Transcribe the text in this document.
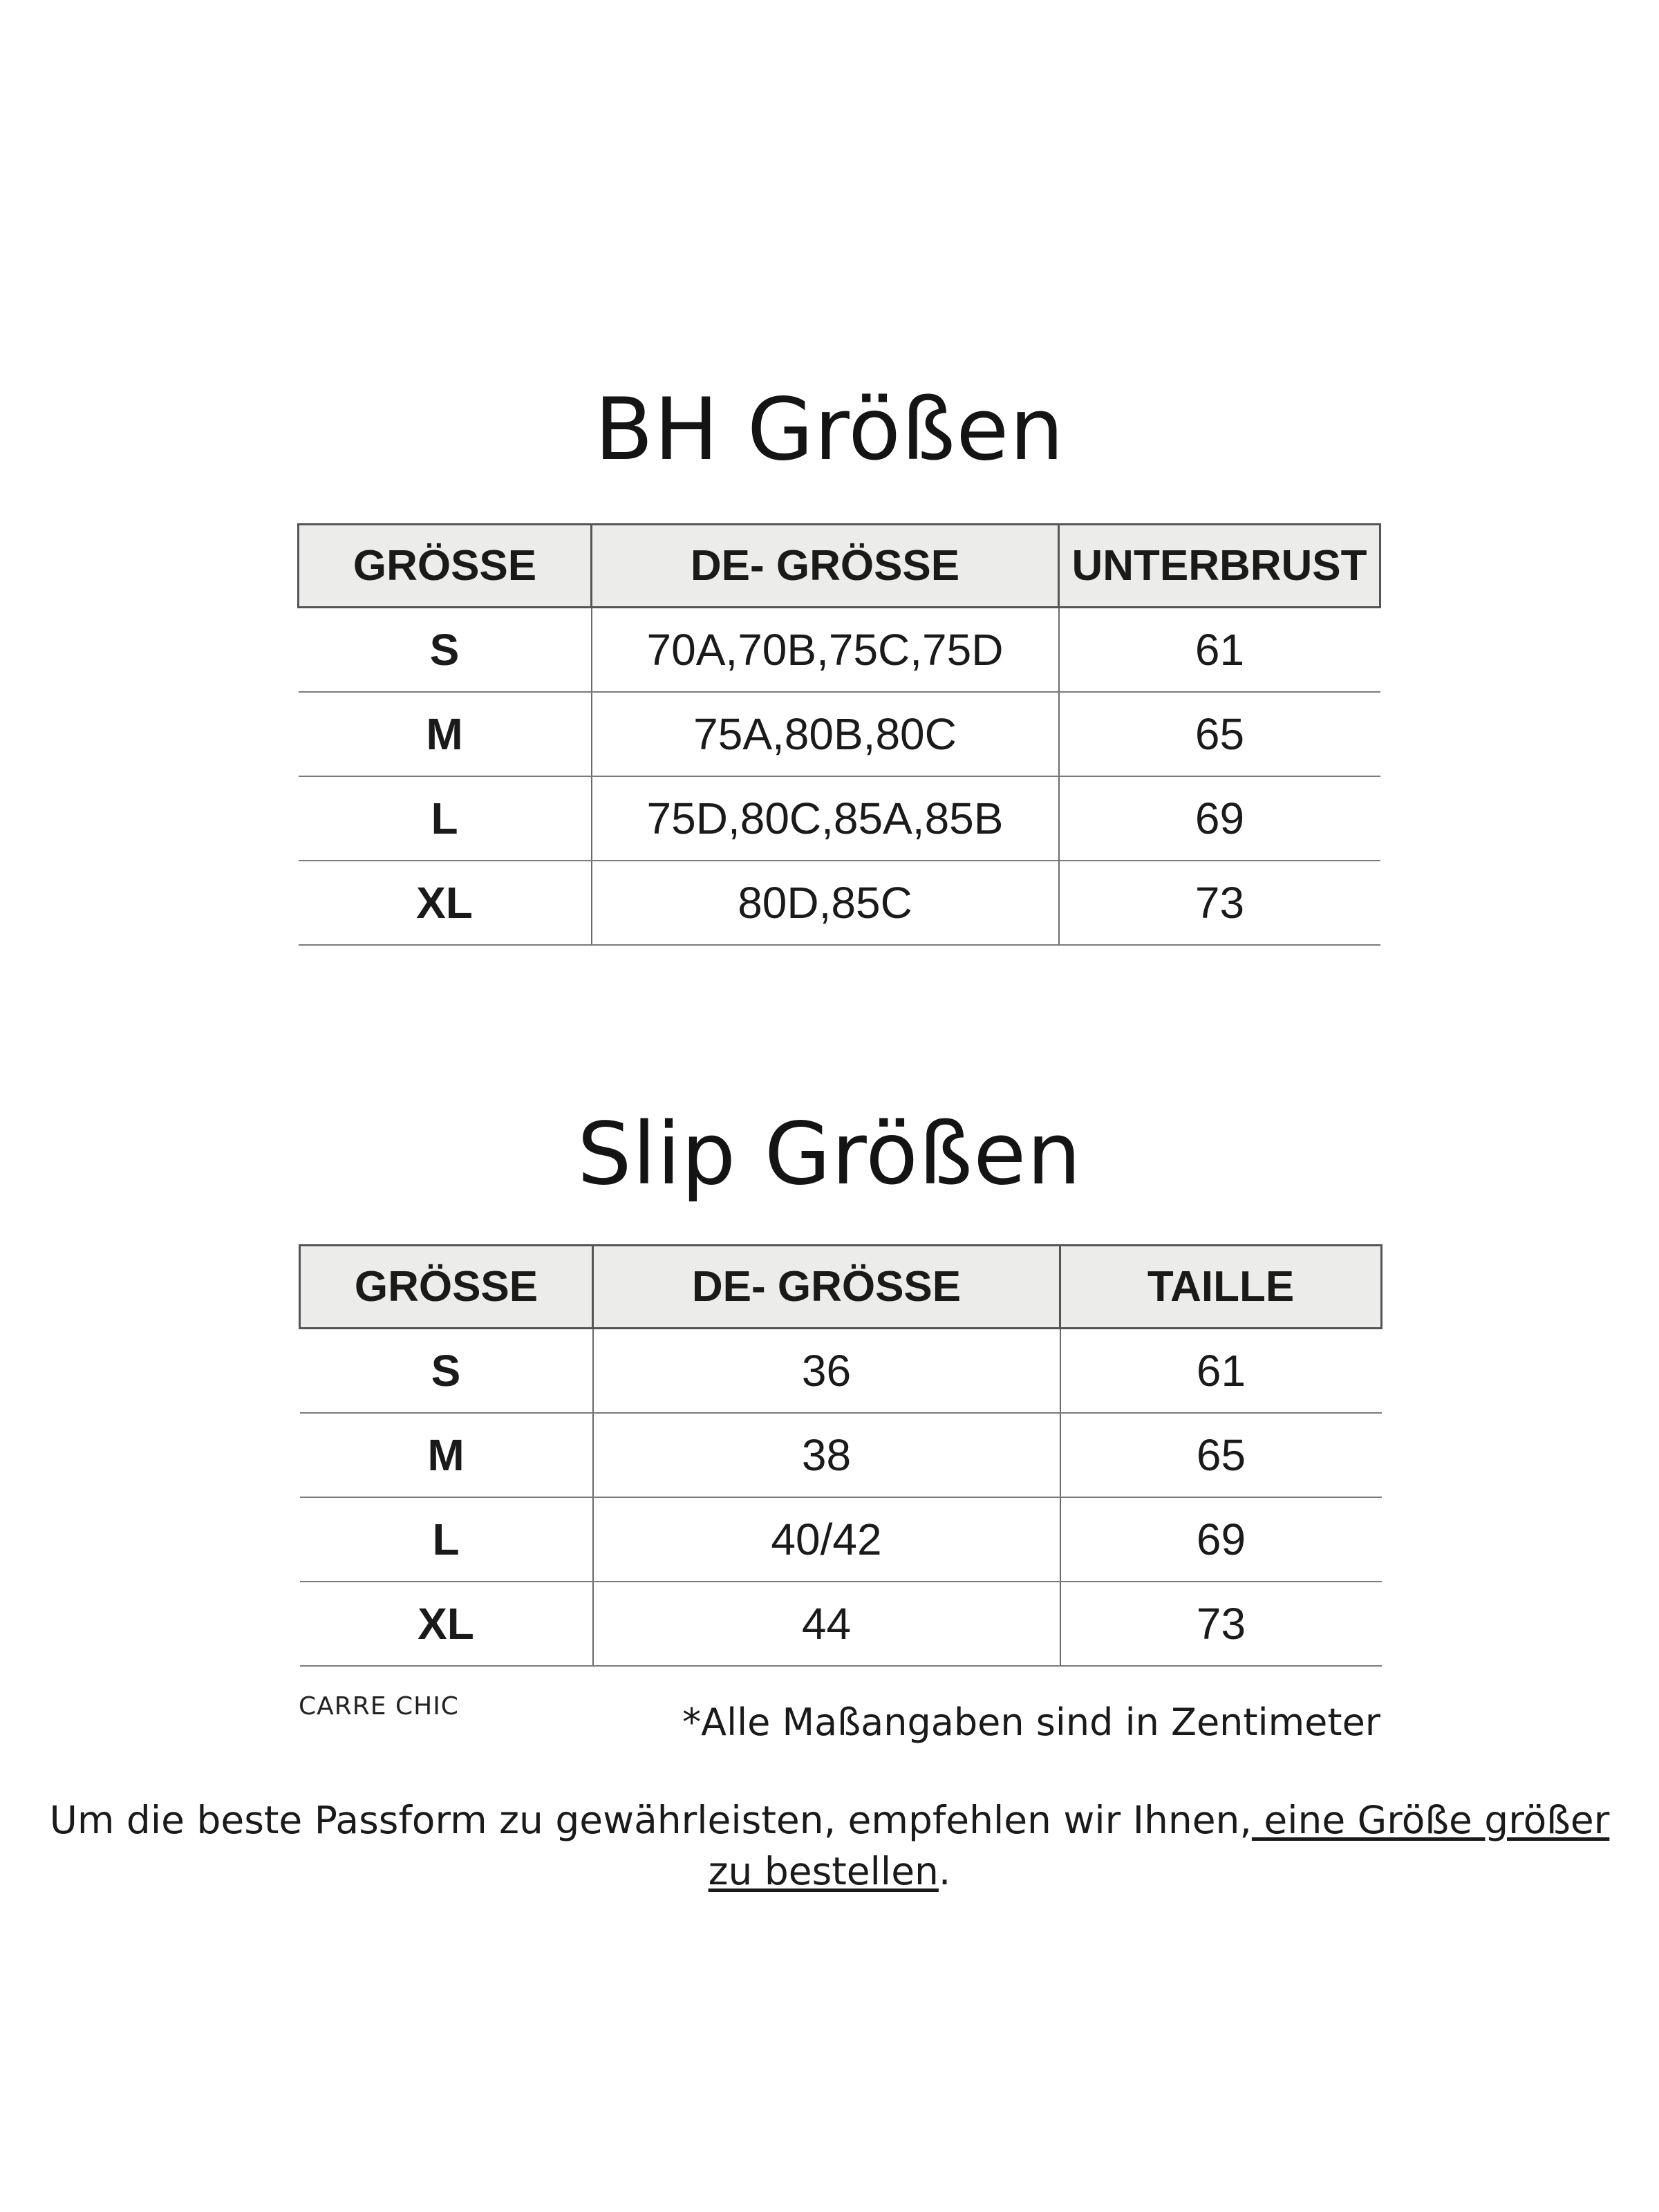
BH Größen
GRÖSSE	DE- GRÖSSE	UNTERBRUST
S	70A,70B,75C,75D	61
M	75A,80B,80C	65
L	75D,80C,85A,85B	69
XL	80D,85C	73
Slip Größen
GRÖSSE	DE- GRÖSSE	TAILLE
S	36	61
M	38	65
L	40/42	69
XL	44	73
CARRE CHIC	*Alle Maßangaben sind in Zentimeter
Um die beste Passform zu gewährleisten, empfehlen wir Ihnen, eine Größe größer zu bestellen.
